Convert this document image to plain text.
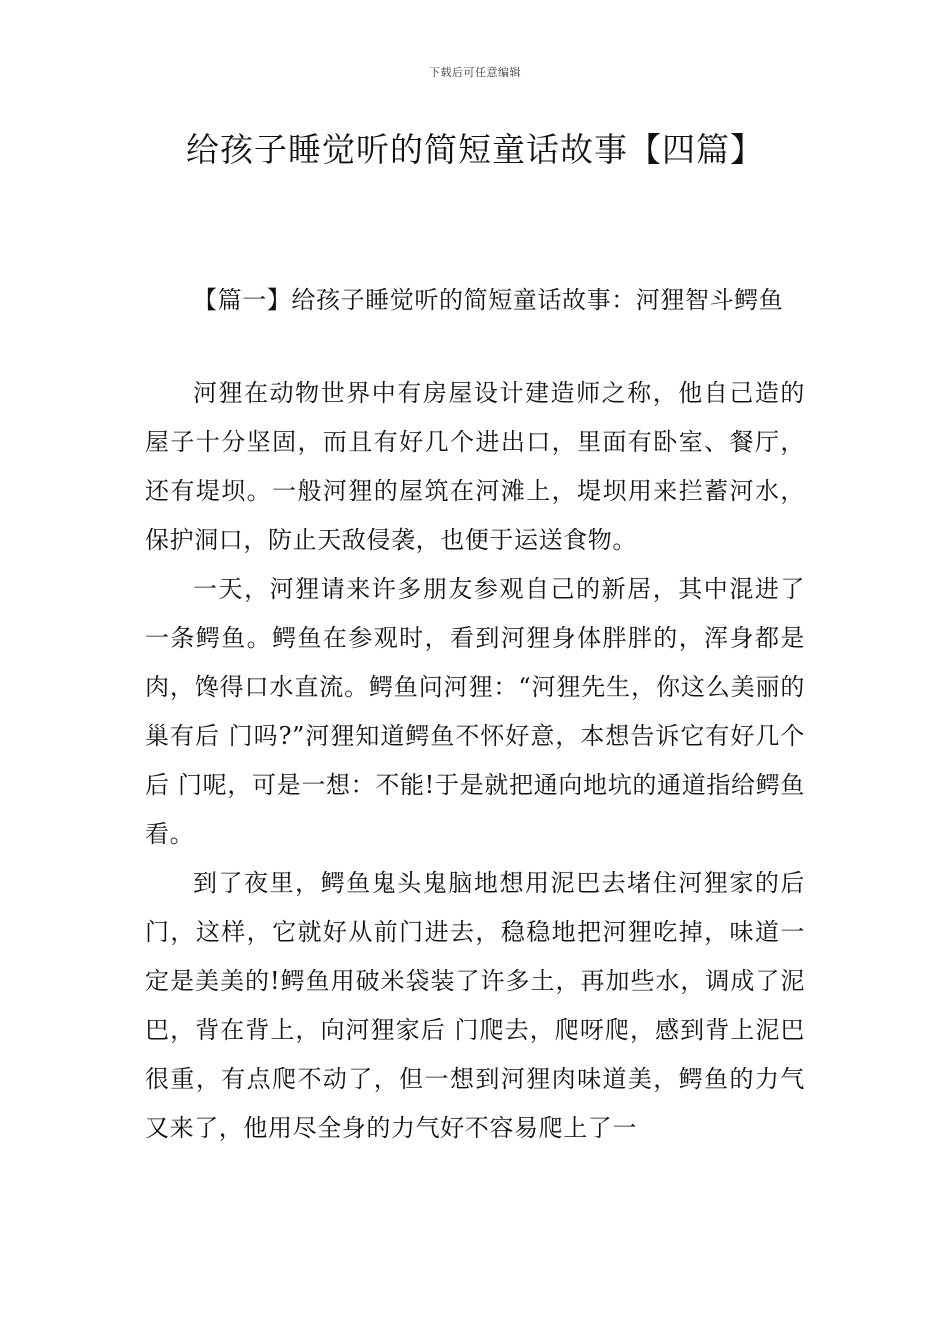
下载后可任意编辑
给孩子睡觉听的简短童话故事【四篇】

【篇一】给孩子睡觉听的简短童话故事：河狸智斗鳄鱼

河狸在动物世界中有房屋设计建造师之称，他自己造的屋子十分坚固，而且有好几个进出口，里面有卧室、餐厅，还有堤坝。一般河狸的屋筑在河滩上，堤坝用来拦蓄河水，保护洞口，防止天敌侵袭，也便于运送食物。

一天，河狸请来许多朋友参观自己的新居，其中混进了一条鳄鱼。鳄鱼在参观时，看到河狸身体胖胖的，浑身都是肉，馋得口水直流。鳄鱼问河狸：“河狸先生，你这么美丽的巢有后 门吗?”河狸知道鳄鱼不怀好意，本想告诉它有好几个后 门呢，可是一想：不能!于是就把通向地坑的通道指给鳄鱼看。

到了夜里，鳄鱼鬼头鬼脑地想用泥巴去堵住河狸家的后 门，这样，它就好从前门进去，稳稳地把河狸吃掉，味道一定是美美的!鳄鱼用破米袋装了许多土，再加些水，调成了泥巴，背在背上，向河狸家后 门爬去，爬呀爬，感到背上泥巴很重，有点爬不动了，但一想到河狸肉味道美，鳄鱼的力气又来了，他用尽全身的力气好不容易爬上了一
